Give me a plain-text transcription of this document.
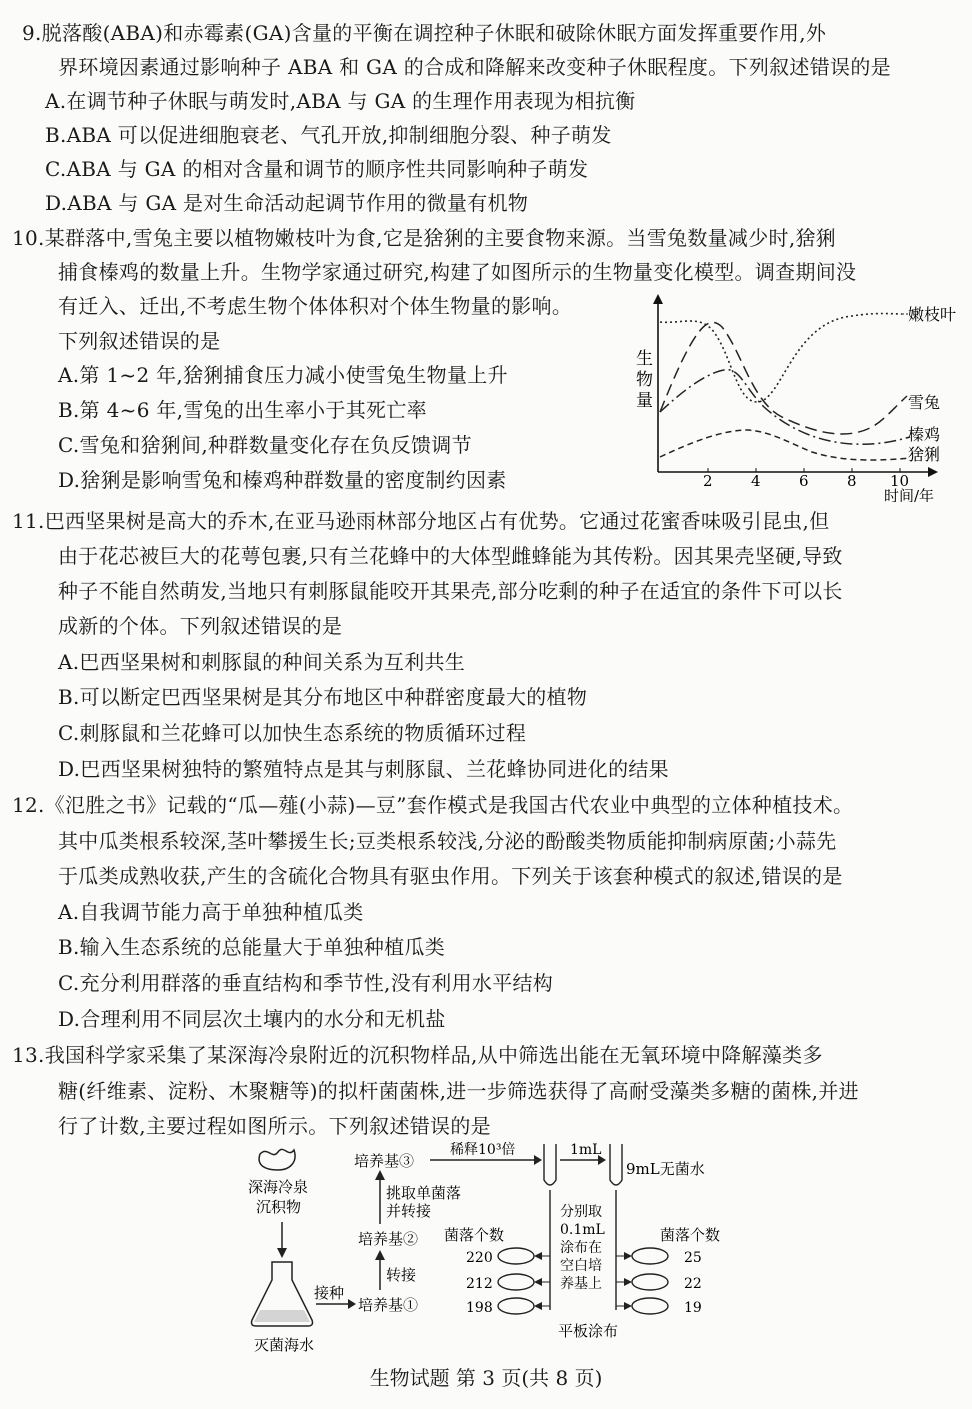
9.脱落酸(ABA)和赤霉素(GA)含量的平衡在调控种子休眠和破除休眠方面发挥重要作用,外
界环境因素通过影响种子 ABA 和 GA 的合成和降解来改变种子休眠程度。下列叙述错误的是
A.在调节种子休眠与萌发时,ABA 与 GA 的生理作用表现为相抗衡
B.ABA 可以促进细胞衰老、气孔开放,抑制细胞分裂、种子萌发
C.ABA 与 GA 的相对含量和调节的顺序性共同影响种子萌发
D.ABA 与 GA 是对生命活动起调节作用的微量有机物
10.某群落中,雪兔主要以植物嫩枝叶为食,它是猞猁的主要食物来源。当雪兔数量减少时,猞猁
捕食榛鸡的数量上升。生物学家通过研究,构建了如图所示的生物量变化模型。调查期间没
有迁入、迁出,不考虑生物个体体积对个体生物量的影响。
下列叙述错误的是
A.第 1~2 年,猞猁捕食压力减小使雪兔生物量上升
B.第 4~6 年,雪兔的出生率小于其死亡率
C.雪兔和猞猁间,种群数量变化存在负反馈调节
D.猞猁是影响雪兔和榛鸡种群数量的密度制约因素
生
物
量
2	4	6	8 10
时间/年
嫩枝叶
雪兔
榛鸡
猞猁
11.巴西坚果树是高大的乔木,在亚马逊雨林部分地区占有优势。它通过花蜜香味吸引昆虫,但
由于花芯被巨大的花萼包裹,只有兰花蜂中的大体型雌蜂能为其传粉。因其果壳坚硬,导致
种子不能自然萌发,当地只有刺豚鼠能咬开其果壳,部分吃剩的种子在适宜的条件下可以长
成新的个体。下列叙述错误的是
A.巴西坚果树和刺豚鼠的种间关系为互利共生
B.可以断定巴西坚果树是其分布地区中种群密度最大的植物
C.刺豚鼠和兰花蜂可以加快生态系统的物质循环过程
D.巴西坚果树独特的繁殖特点是其与刺豚鼠、兰花蜂协同进化的结果
12.《氾胜之书》记载的“瓜—薤(小蒜)—豆”套作模式是我国古代农业中典型的立体种植技术。
其中瓜类根系较深,茎叶攀援生长;豆类根系较浅,分泌的酚酸类物质能抑制病原菌;小蒜先
于瓜类成熟收获,产生的含硫化合物具有驱虫作用。下列关于该套种模式的叙述,错误的是
A.自我调节能力高于单独种植瓜类
B.输入生态系统的总能量大于单独种植瓜类
C.充分利用群落的垂直结构和季节性,没有利用水平结构
D.合理利用不同层次土壤内的水分和无机盐
13.我国科学家采集了某深海冷泉附近的沉积物样品,从中筛选出能在无氧环境中降解藻类多
糖(纤维素、淀粉、木聚糖等)的拟杆菌菌株,进一步筛选获得了高耐受藻类多糖的菌株,并进
行了计数,主要过程如图所示。下列叙述错误的是
深海冷泉
沉积物
灭菌海水
接种
培养基①
转接
培养基②
挑取单菌落
并转接
培养基③
稀释10³倍	1mL
9mL无菌水
分别取
0.1mL
涂布在
空白培
养基上
菌落个数
220
212
198
菌落个数
25
22
19
平板涂布
生物试题 第 3 页(共 8 页)
